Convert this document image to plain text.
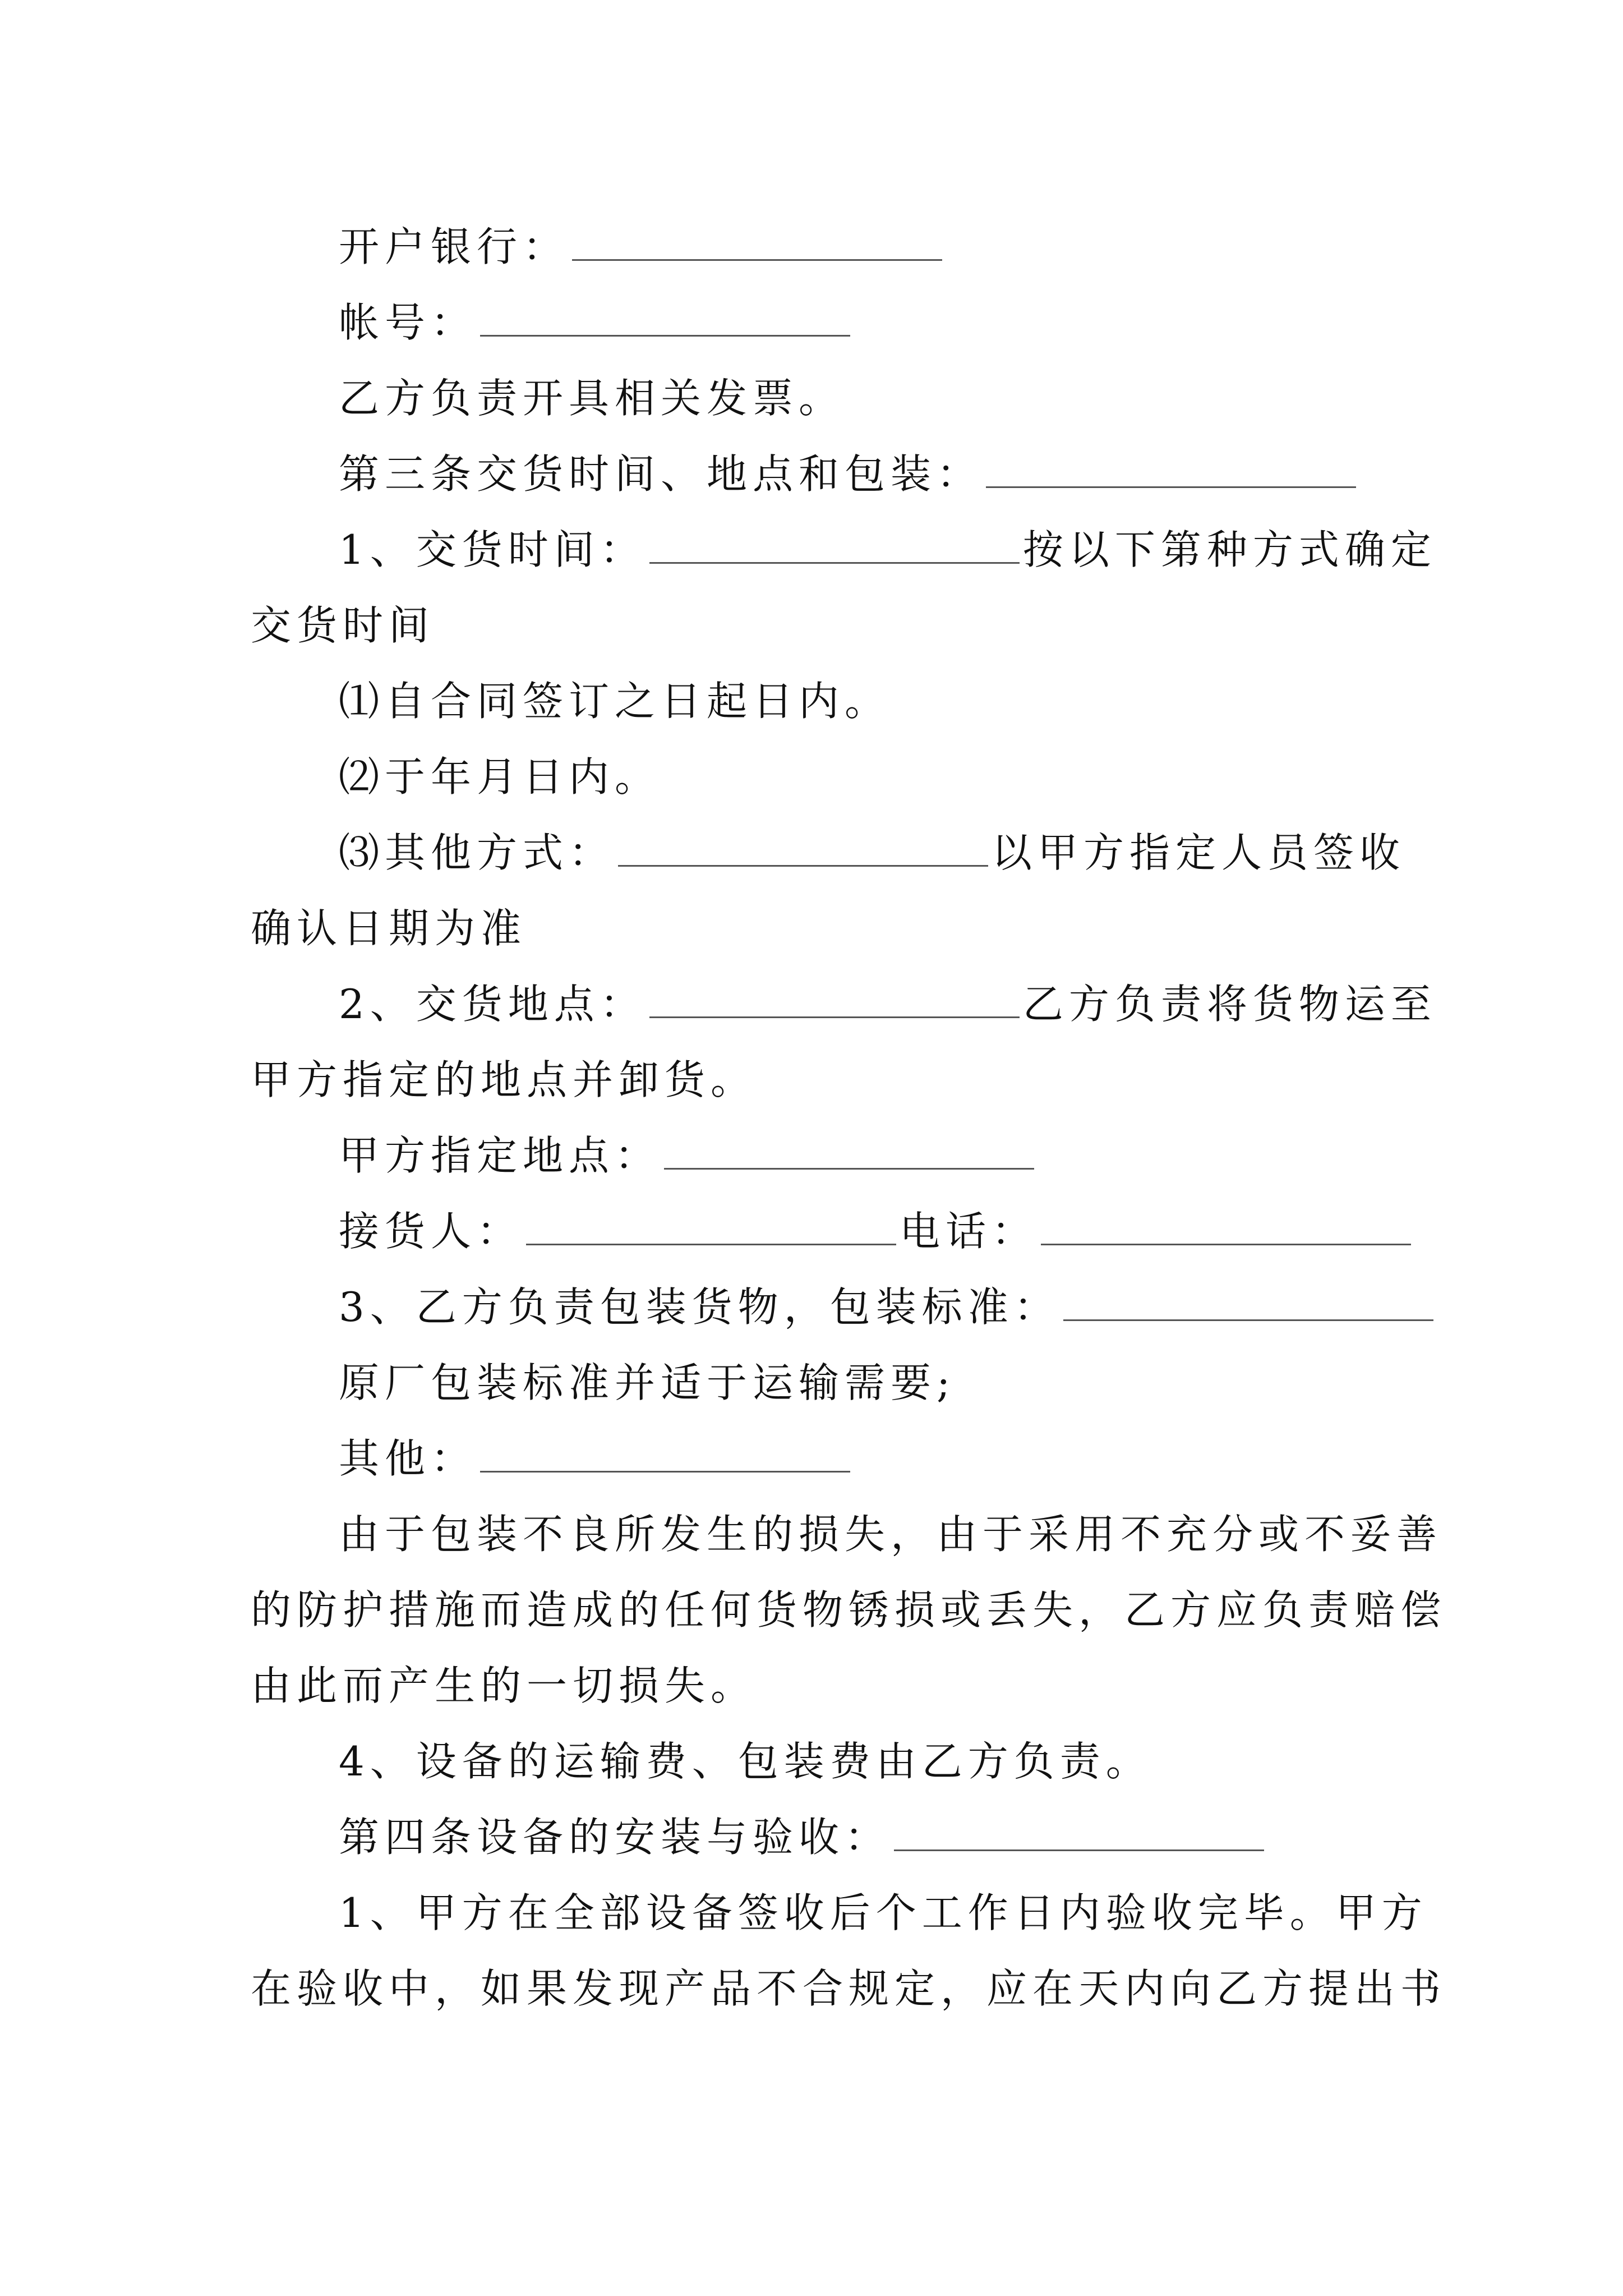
开户银行：
帐号：
乙方负责开具相关发票。
第三条交货时间、地点和包装：
1、交货时间：	按以下第种方式确定
交货时间
⑴自合同签订之日起日内。
⑵于年月日内。
⑶其他方式：	以甲方指定人员签收
确认日期为准
2、交货地点：	乙方负责将货物运至
甲方指定的地点并卸货。
甲方指定地点：
接货人：	电话：
3、乙方负责包装货物，包装标准：
原厂包装标准并适于运输需要;
其他：
由于包装不良所发生的损失，由于采用不充分或不妥善
的防护措施而造成的任何货物锈损或丢失，乙方应负责赔偿
由此而产生的一切损失。
4、设备的运输费、包装费由乙方负责。
第四条设备的安装与验收：
1、甲方在全部设备签收后个工作日内验收完毕。甲方
在验收中，如果发现产品不合规定，应在天内向乙方提出书
